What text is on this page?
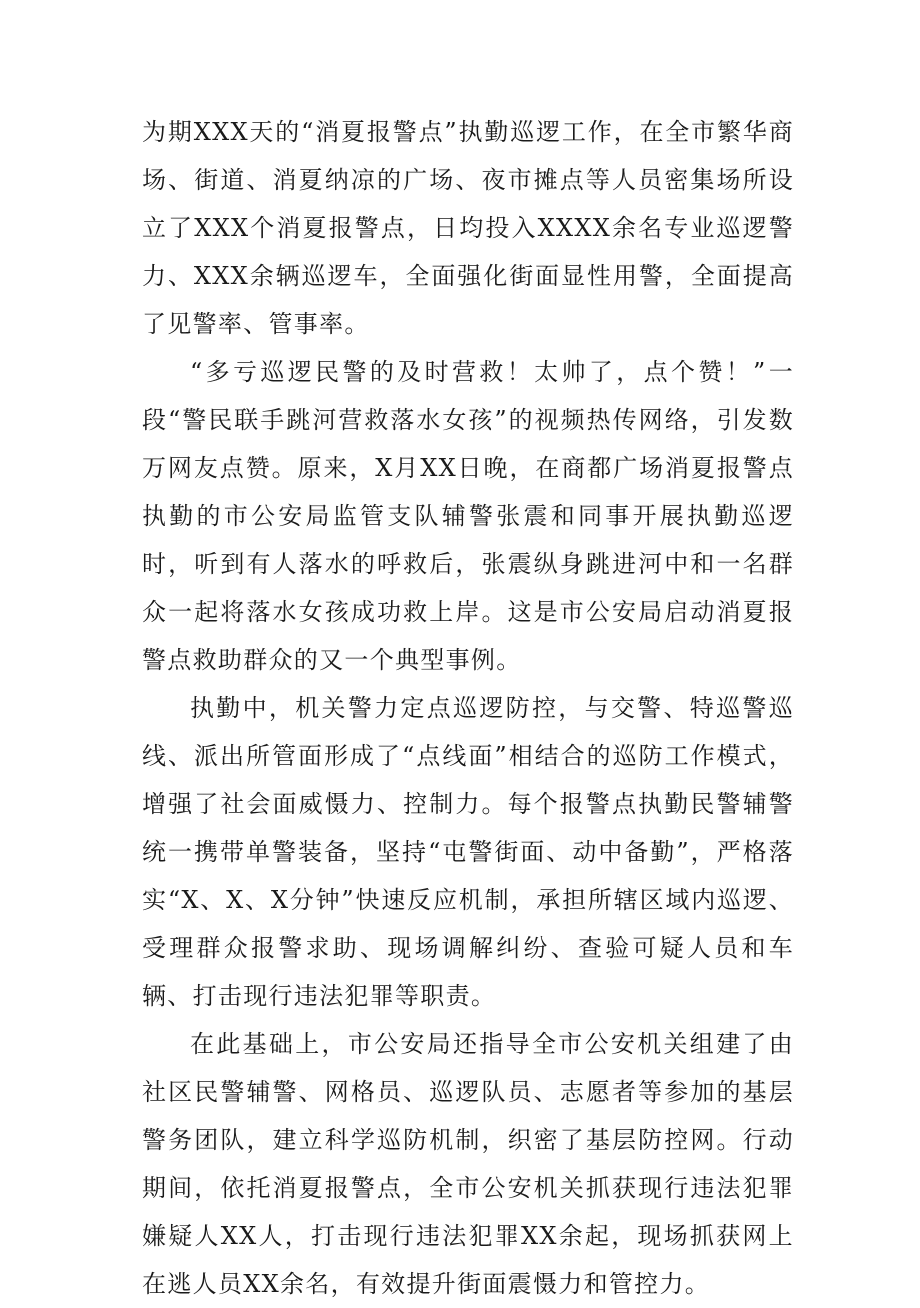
为期XXX天的“消夏报警点”执勤巡逻工作，在全市繁华商场、街道、消夏纳凉的广场、夜市摊点等人员密集场所设立了XXX个消夏报警点，日均投入XXXX余名专业巡逻警力、XXX余辆巡逻车，全面强化街面显性用警，全面提高了见警率、管事率。

“多亏巡逻民警的及时营救！太帅了，点个赞！”一段“警民联手跳河营救落水女孩”的视频热传网络，引发数万网友点赞。原来，X月XX日晚，在商都广场消夏报警点执勤的市公安局监管支队辅警张震和同事开展执勤巡逻时，听到有人落水的呼救后，张震纵身跳进河中和一名群众一起将落水女孩成功救上岸。这是市公安局启动消夏报警点救助群众的又一个典型事例。

执勤中，机关警力定点巡逻防控，与交警、特巡警巡线、派出所管面形成了“点线面”相结合的巡防工作模式，增强了社会面威慑力、控制力。每个报警点执勤民警辅警统一携带单警装备，坚持“屯警街面、动中备勤”，严格落实“X、X、X分钟”快速反应机制，承担所辖区域内巡逻、受理群众报警求助、现场调解纠纷、查验可疑人员和车辆、打击现行违法犯罪等职责。

在此基础上，市公安局还指导全市公安机关组建了由社区民警辅警、网格员、巡逻队员、志愿者等参加的基层警务团队，建立科学巡防机制，织密了基层防控网。行动期间，依托消夏报警点，全市公安机关抓获现行违法犯罪嫌疑人XX人，打击现行违法犯罪XX余起，现场抓获网上在逃人员XX余名，有效提升街面震慑力和管控力。
